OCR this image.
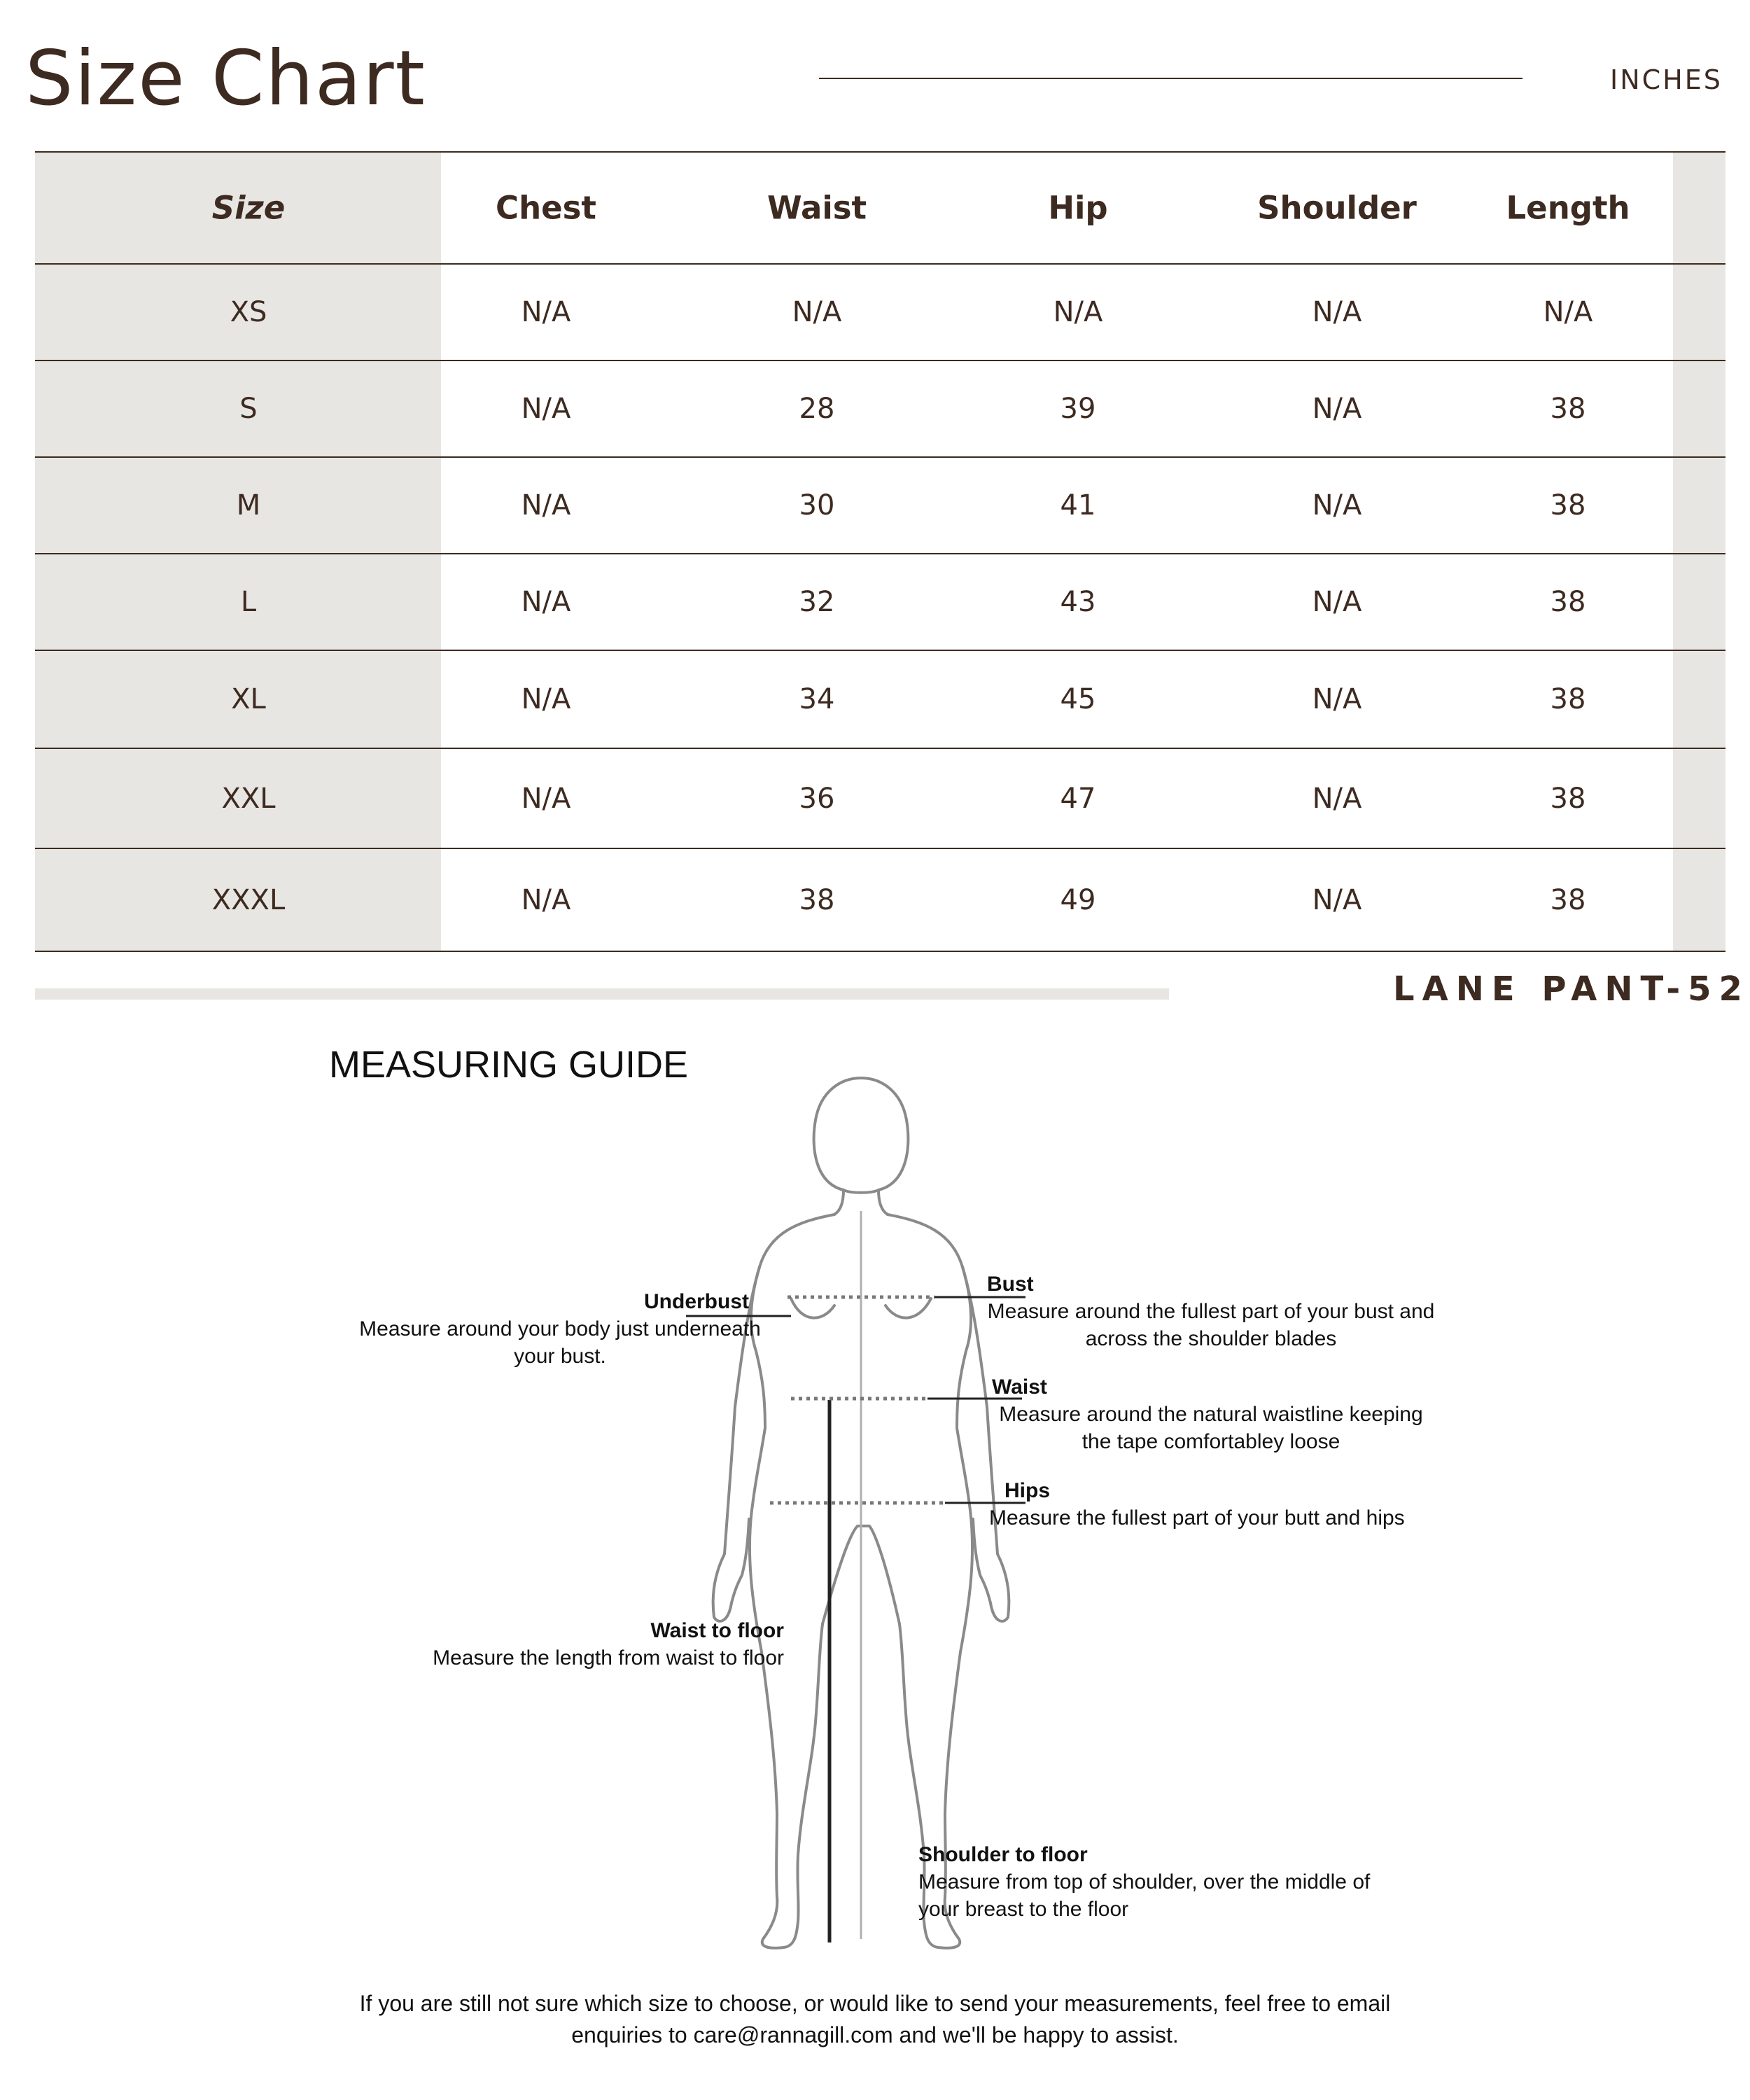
Size Chart	INCHES
Size	Chest	Waist	Hip	Shoulder	Length
XS	N/A	N/A	N/A	N/A	N/A
S	N/A	28	39	N/A	38
M	N/A	30	41	N/A	38
L	N/A	32	43	N/A	38
XL	N/A	34	45	N/A	38
XXL	N/A	36	47	N/A	38
XXXL	N/A	38	49	N/A	38
LANE PANT-52
MEASURING GUIDE
Underbust
Measure around your body just underneath your bust.
Bust
Measure around the fullest part of your bust and across the shoulder blades
Waist
Measure around the natural waistline keeping the tape comfortabley loose
Hips
Measure the fullest part of your butt and hips
Waist to floor
Measure the length from waist to floor
Shoulder to floor
Measure from top of shoulder, over the middle of your breast to the floor
If you are still not sure which size to choose, or would like to send your measurements, feel free to email
enquiries to care@rannagill.com and we'll be happy to assist.
